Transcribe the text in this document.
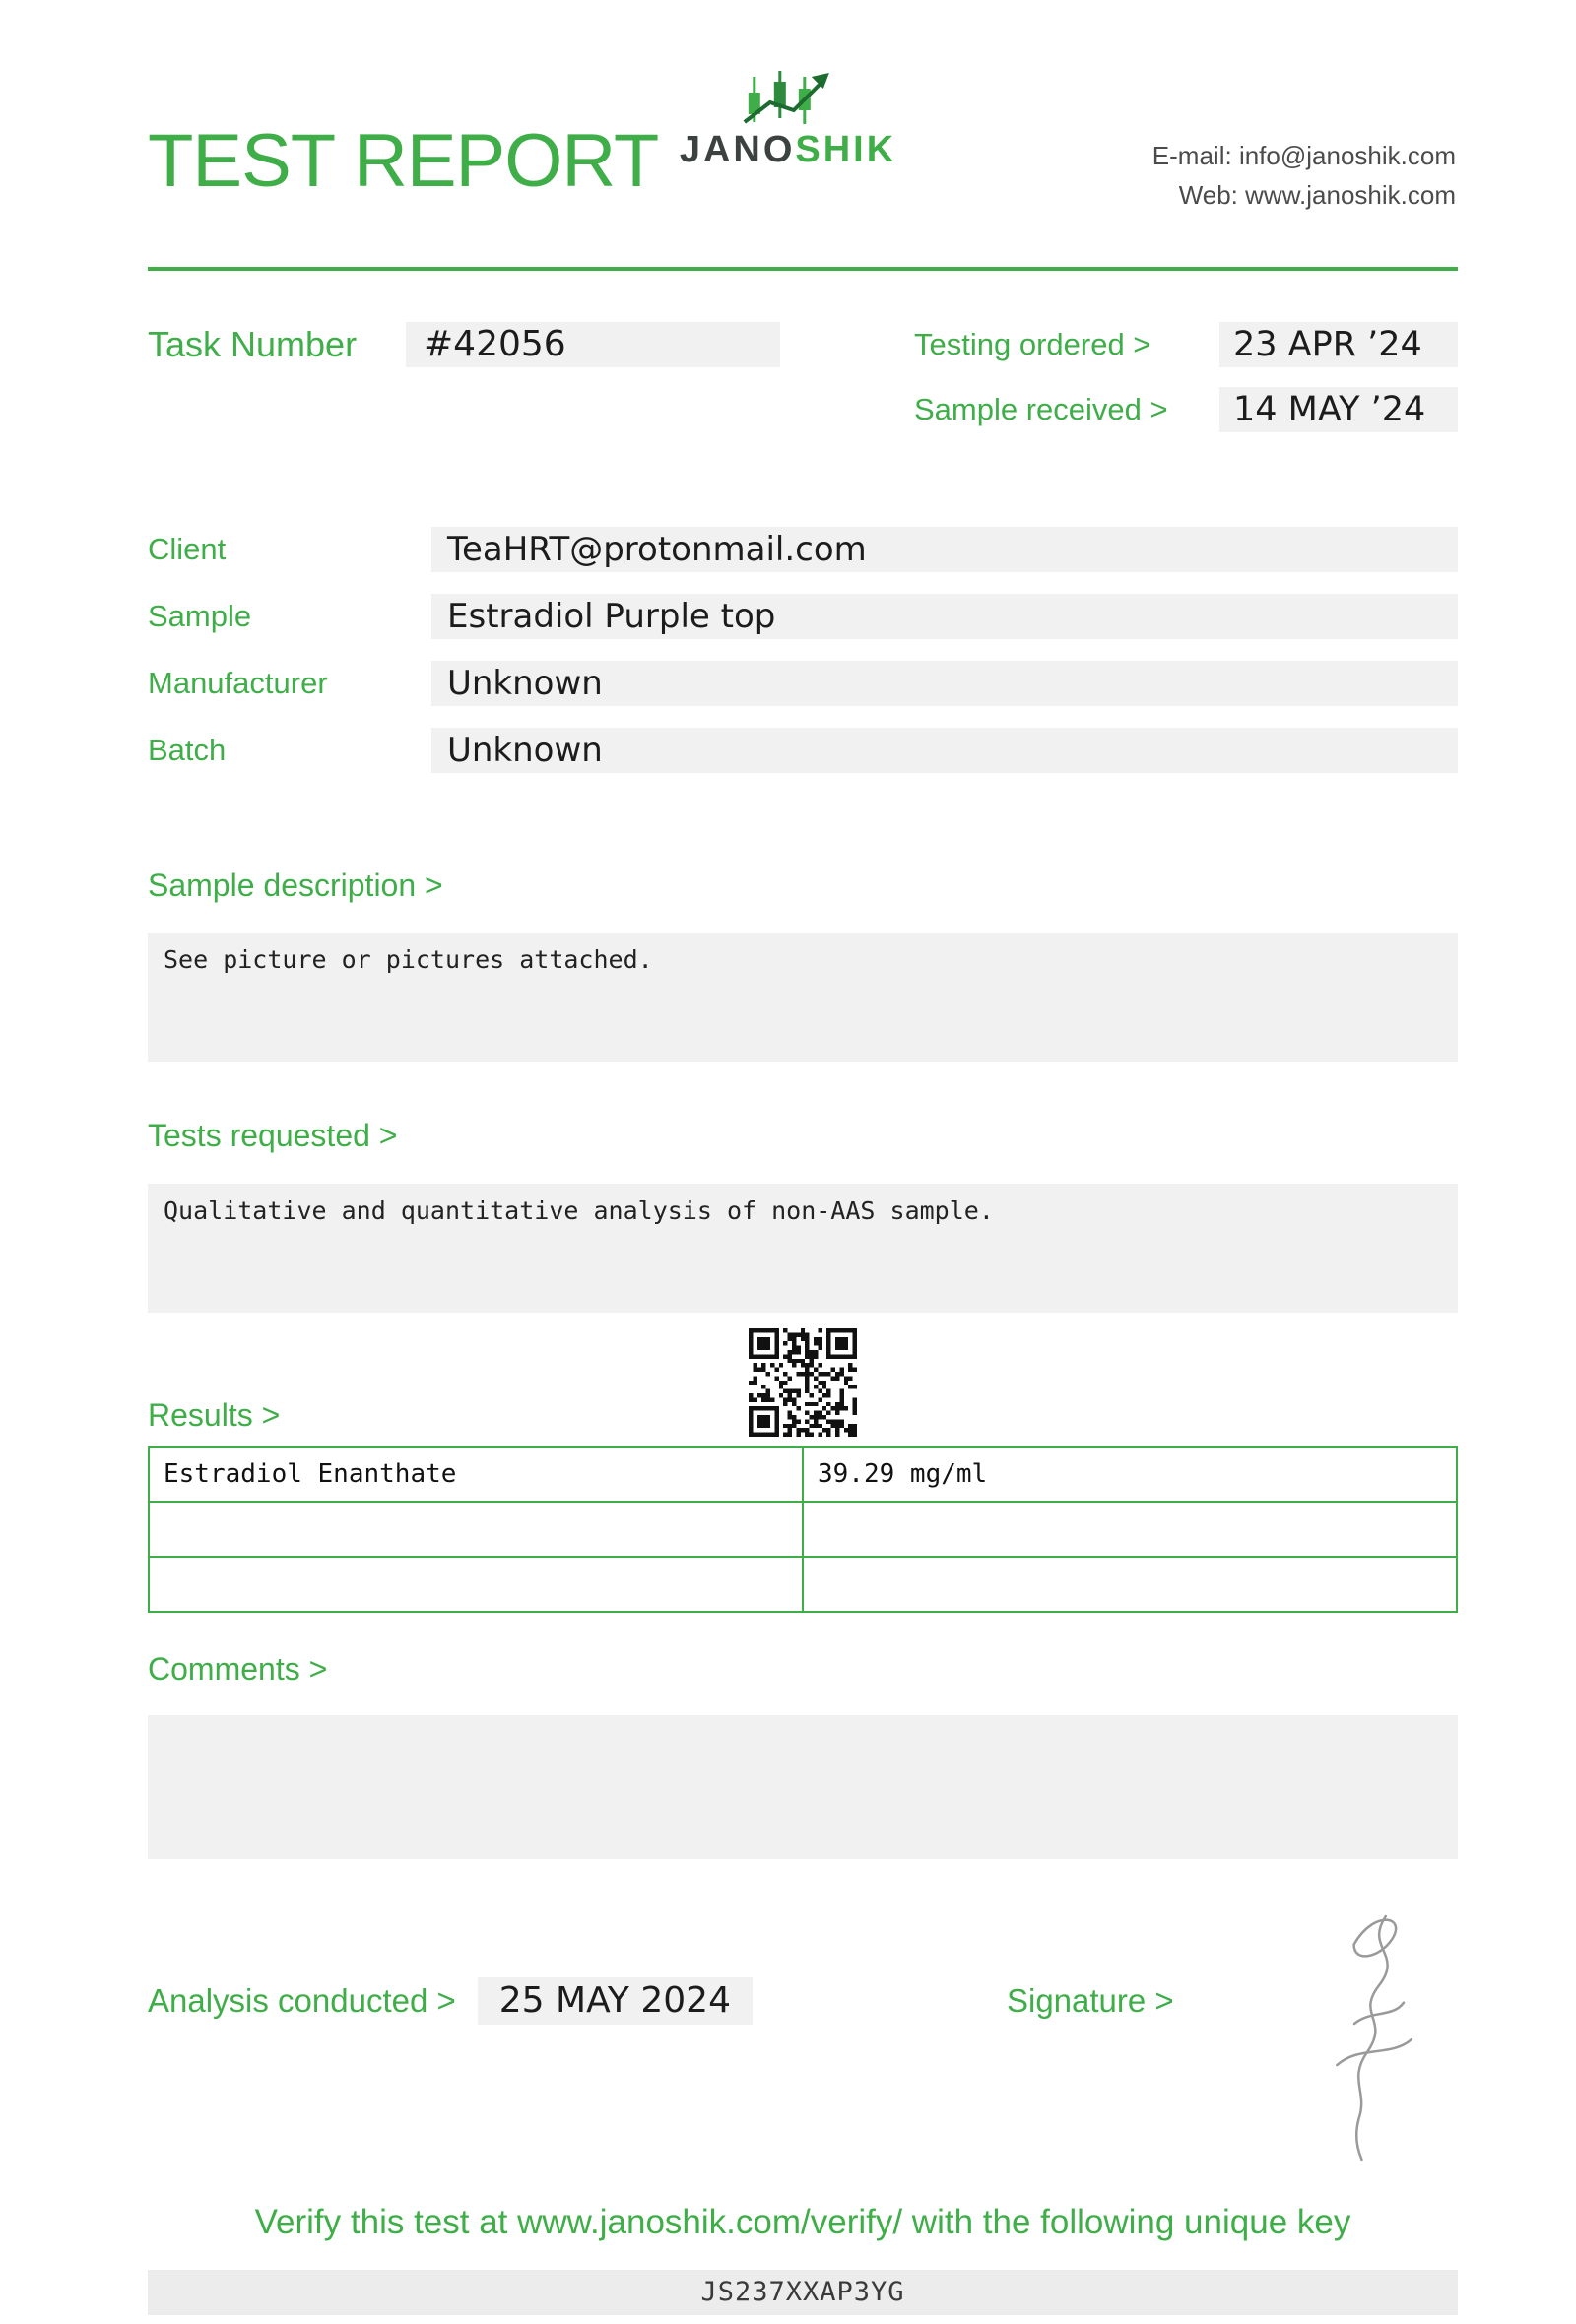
TEST REPORT JANOSHIK	E-mail: info@janoshik.com
Web: www.janoshik.com
Task Number	#42056	Testing ordered >	23 APR ’24
Sample received >	14 MAY ’24
Client	TeaHRT@protonmail.com
Sample	Estradiol Purple top
Manufacturer	Unknown
Batch	Unknown
Sample description >

See picture or pictures attached.

Tests requested >

Qualitative and quantitative analysis of non-AAS sample.

Results >
Estradiol Enanthate	39.29 mg/ml

Comments >

Analysis conducted >	25 MAY 2024	Signature >

Verify this test at www.janoshik.com/verify/ with the following unique key

JS237XXAP3YG
